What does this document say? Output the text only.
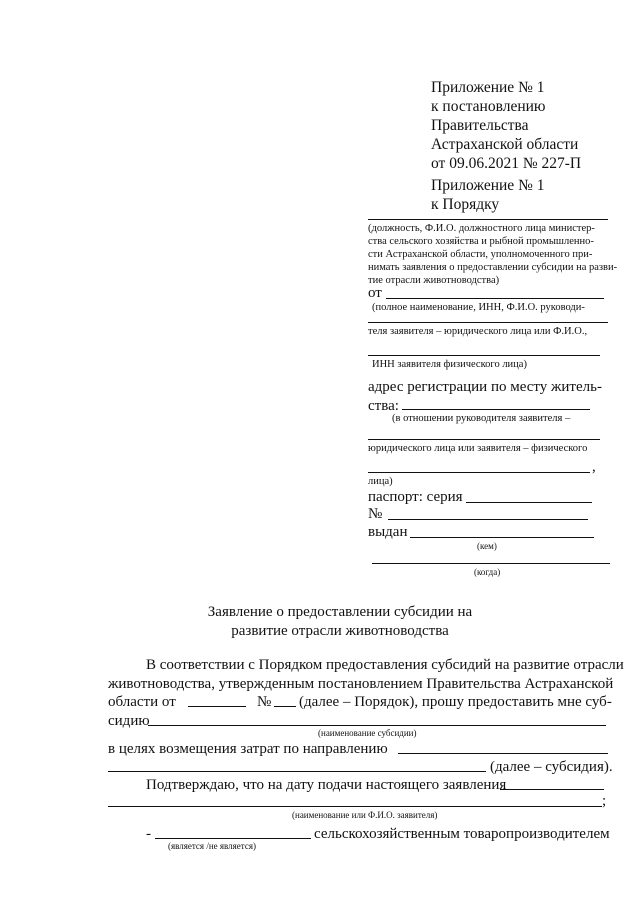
Приложение № 1
к постановлению
Правительства
Астраханской области
от 09.06.2021 № 227-П
Приложение № 1
к Порядку
(должность, Ф.И.О. должностного лица министер-
ства сельского хозяйства и рыбной промышленно-
сти Астраханской области, уполномоченного при-
нимать заявления о предоставлении субсидии на разви-
тие отрасли животноводства)
от
(полное наименование, ИНН, Ф.И.О. руководи-
теля заявителя – юридического лица или Ф.И.О.,
ИНН заявителя физического лица)
адрес регистрации по месту житель-
ства:
(в отношении руководителя заявителя –
юридического лица или заявителя – физического
,
лица)
паспорт: серия
№
выдан
(кем)
(когда)
Заявление о предоставлении субсидии на
развитие отрасли животноводства
В соответствии с Порядком предоставления субсидий на развитие отрасли
животноводства, утвержденным постановлением Правительства Астраханской
области от	№ (далее – Порядок), прошу предоставить мне суб-
сидию
(наименование субсидии)
в целях возмещения затрат по направлению
(далее – субсидия).
Подтверждаю, что на дату подачи настоящего заявления
;
(наименование или Ф.И.О. заявителя)
-	сельскохозяйственным товаропроизводителем
(является /не является)
